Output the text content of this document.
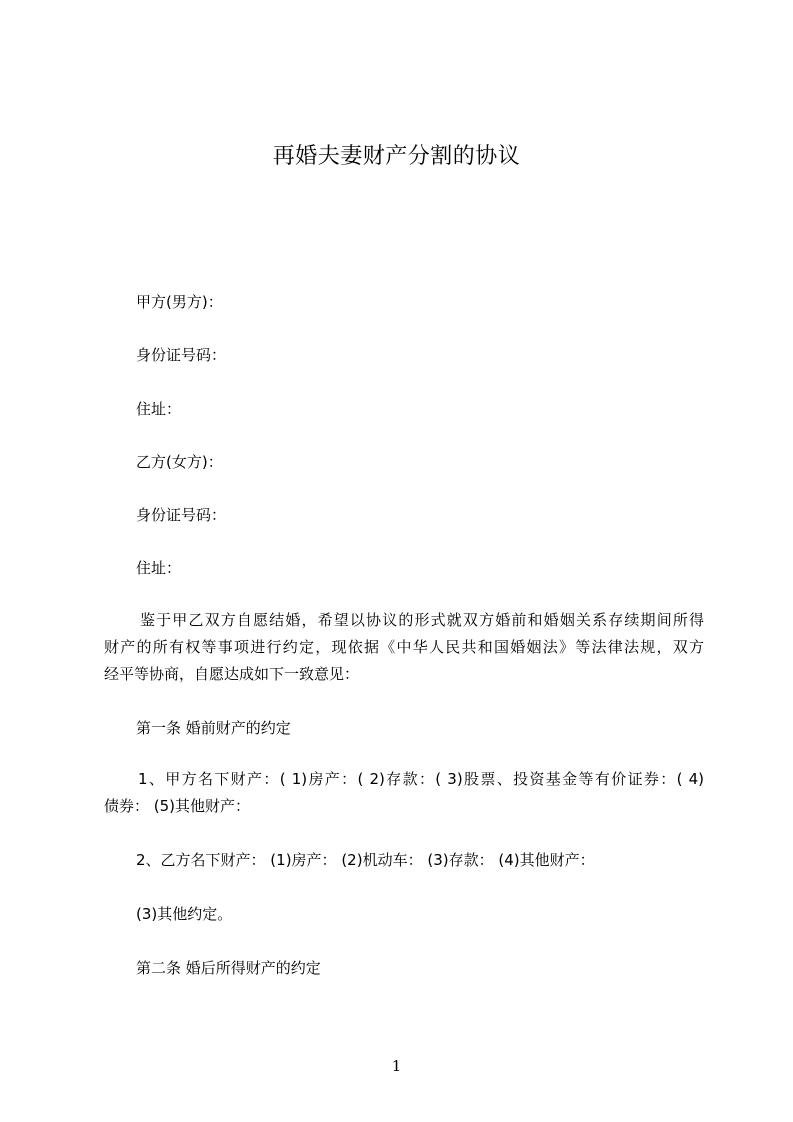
再婚夫妻财产分割的协议
甲方(男方)：
身份证号码：
住址：
乙方(女方)：
身份证号码：
住址：
鉴于甲乙双方自愿结婚，希望以协议的形式就双方婚前和婚姻关系存续期间所得
财产的所有权等事项进行约定，现依据《中华人民共和国婚姻法》等法律法规，双方
经平等协商，自愿达成如下一致意见：
第一条 婚前财产的约定
1、甲方名下财产：( 1)房产：( 2)存款：( 3)股票、投资基金等有价证券：( 4)
债券： (5)其他财产：
2、乙方名下财产： (1)房产： (2)机动车： (3)存款： (4)其他财产：
(3)其他约定。
第二条 婚后所得财产的约定
1
